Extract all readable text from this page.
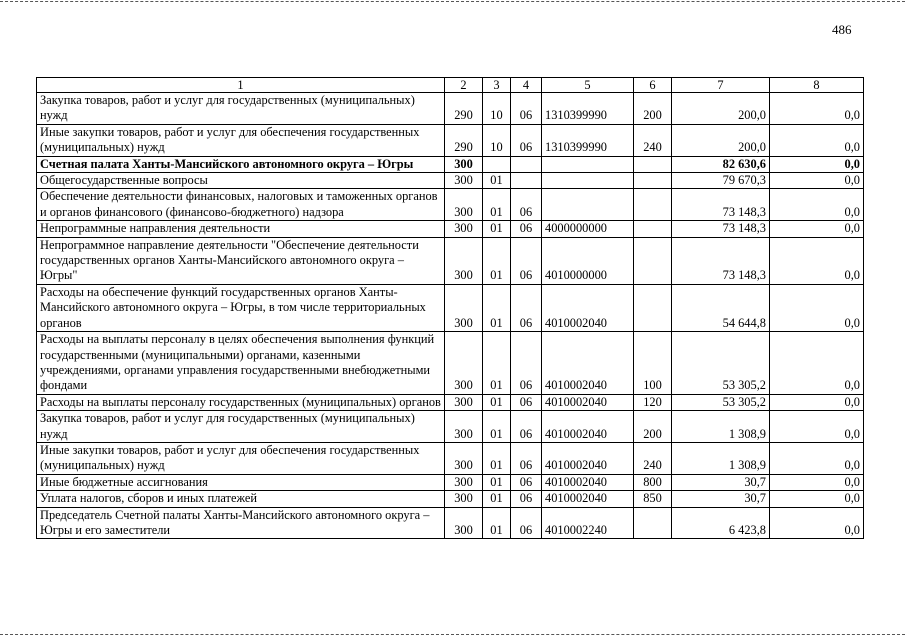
486
1	2	3	4	5	6	7	8
Закупка товаров, работ и услуг для государственных (муниципальных) нужд	290	10	06	1310399990	200	200,0	0,0
Иные закупки товаров, работ и услуг для обеспечения государственных (муниципальных) нужд	290	10	06	1310399990	240	200,0	0,0
Счетная палата Ханты-Мансийского автономного округа – Югры	300					82 630,6	0,0
Общегосударственные вопросы	300	01				79 670,3	0,0
Обеспечение деятельности финансовых, налоговых и таможенных органов и органов финансового (финансово-бюджетного) надзора	300	01	06			73 148,3	0,0
Непрограммные направления деятельности	300	01	06	4000000000		73 148,3	0,0
Непрограммное направление деятельности "Обеспечение деятельности государственных органов Ханты-Мансийского автономного округа – Югры"	300	01	06	4010000000		73 148,3	0,0
Расходы на обеспечение функций государственных органов Ханты-Мансийского автономного округа – Югры, в том числе территориальных органов	300	01	06	4010002040		54 644,8	0,0
Расходы на выплаты персоналу в целях обеспечения выполнения функций государственными (муниципальными) органами, казенными учреждениями, органами управления государственными внебюджетными фондами	300	01	06	4010002040	100	53 305,2	0,0
Расходы на выплаты персоналу государственных (муниципальных) органов	300	01	06	4010002040	120	53 305,2	0,0
Закупка товаров, работ и услуг для государственных (муниципальных) нужд	300	01	06	4010002040	200	1 308,9	0,0
Иные закупки товаров, работ и услуг для обеспечения государственных (муниципальных) нужд	300	01	06	4010002040	240	1 308,9	0,0
Иные бюджетные ассигнования	300	01	06	4010002040	800	30,7	0,0
Уплата налогов, сборов и иных платежей	300	01	06	4010002040	850	30,7	0,0
Председатель Счетной палаты Ханты-Мансийского автономного округа – Югры и его заместители	300	01	06	4010002240		6 423,8	0,0
